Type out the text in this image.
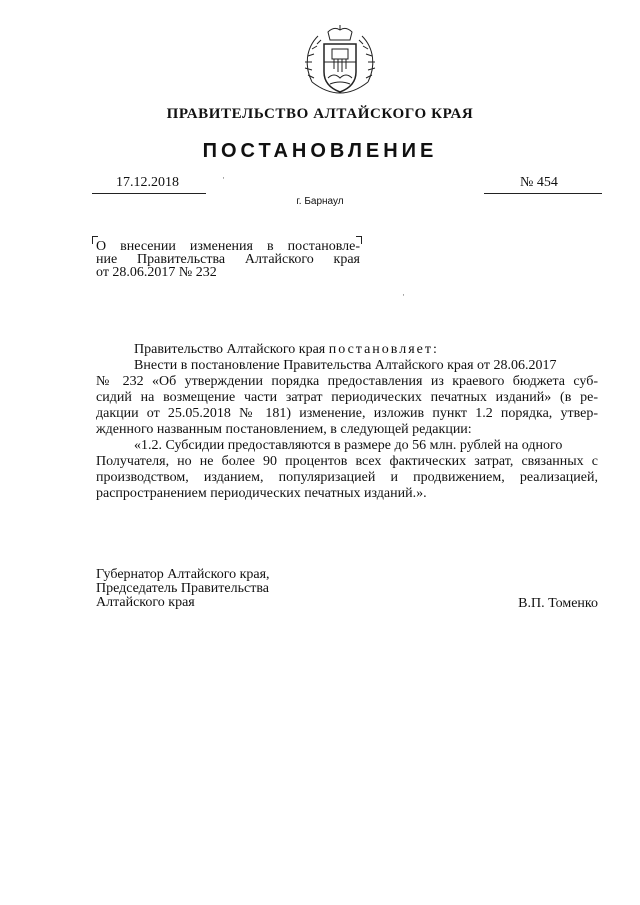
ПРАВИТЕЛЬСТВО АЛТАЙСКОГО КРАЯ
ПОСТАНОВЛЕНИЕ
17.12.2018	№ 454
г. Барнаул
О внесении изменения в постановле-
ние Правительства Алтайского края
от 28.06.2017 № 232

Правительство Алтайского края постановляет:

Внести в постановление Правительства Алтайского края от 28.06.2017
№ 232 «Об утверждении порядка предоставления из краевого бюджета суб-
сидий на возмещение части затрат периодических печатных изданий» (в ре-
дакции от 25.05.2018 № 181) изменение, изложив пункт 1.2 порядка, утвер-
жденного названным постановлением, в следующей редакции:

«1.2. Субсидии предоставляются в размере до 56 млн. рублей на одного
Получателя, но не более 90 процентов всех фактических затрат, связанных с
производством, изданием, популяризацией и продвижением, реализацией,
распространением периодических печатных изданий.».

Губернатор Алтайского края,
Председатель Правительства
Алтайского края	В.П. Томенко
·
·
